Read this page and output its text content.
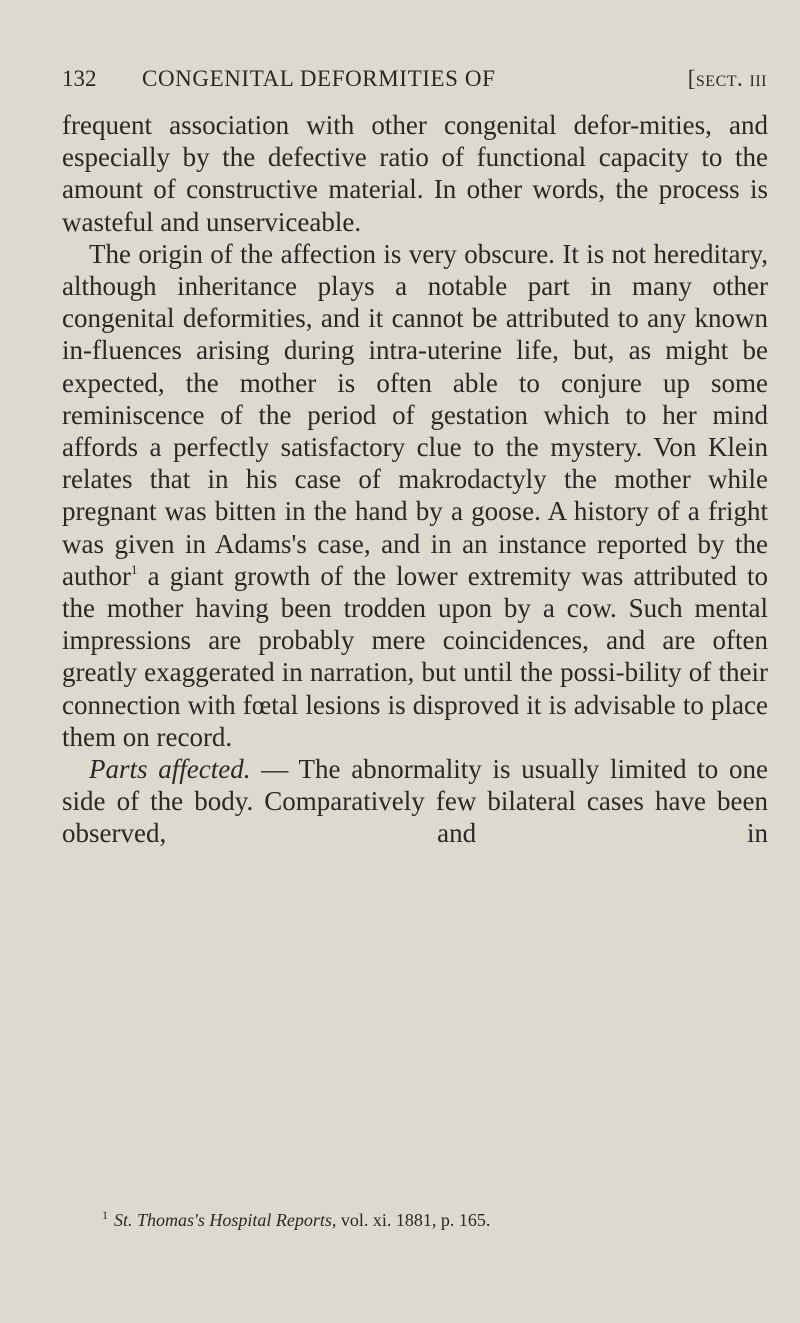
132 CONGENITAL DEFORMITIES OF	[sect. iii

frequent association with other congenital defor-mities, and especially by the defective ratio of functional capacity to the amount of constructive material. In other words, the process is wasteful and unserviceable.

The origin of the affection is very obscure. It is not hereditary, although inheritance plays a notable part in many other congenital deformities, and it cannot be attributed to any known in-fluences arising during intra-uterine life, but, as might be expected, the mother is often able to conjure up some reminiscence of the period of gestation which to her mind affords a perfectly satisfactory clue to the mystery. Von Klein relates that in his case of makrodactyly the mother while pregnant was bitten in the hand by a goose. A history of a fright was given in Adams's case, and in an instance reported by the author$^1$ a giant growth of the lower extremity was attributed to the mother having been trodden upon by a cow. Such mental impressions are probably mere coincidences, and are often greatly exaggerated in narration, but until the possi-bility of their connection with fœtal lesions is disproved it is advisable to place them on record.

Parts affected. — The abnormality is usually limited to one side of the body. Comparatively few bilateral cases have been observed, and in

$^1$ St. Thomas's Hospital Reports, vol. xi. 1881, p. 165.
